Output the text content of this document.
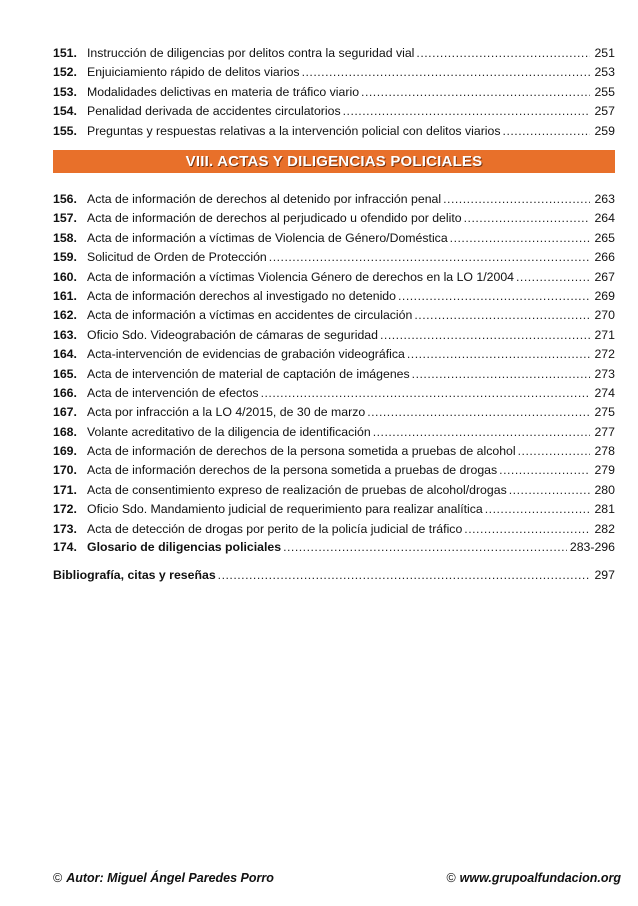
151. Instrucción de diligencias por delitos contra la seguridad vial .....	251
152. Enjuiciamiento rápido de delitos viarios .....	253
153. Modalidades delictivas en materia de tráfico viario .....	255
154. Penalidad derivada de accidentes circulatorios .....	257
155. Preguntas y respuestas relativas a la intervención policial con delitos viarios .....	259
VIII. ACTAS Y DILIGENCIAS POLICIALES
156. Acta de información de derechos al detenido por infracción penal .....	263
157. Acta de información de derechos al perjudicado u ofendido por delito .....	264
158. Acta de información a víctimas de Violencia de Género/Doméstica .....	265
159. Solicitud de Orden de Protección .....	266
160. Acta de información a víctimas Violencia Género de derechos en la LO 1/2004 .....	267
161. Acta de información derechos al investigado no detenido .....	269
162. Acta de información a víctimas en accidentes de circulación .....	270
163. Oficio Sdo. Videograbación de cámaras de seguridad .....	271
164. Acta-intervención de evidencias de grabación videográfica .....	272
165. Acta de intervención de material de captación de imágenes .....	273
166. Acta de intervención de efectos .....	274
167. Acta por infracción a la LO 4/2015, de 30 de marzo .....	275
168. Volante acreditativo de la diligencia de identificación .....	277
169. Acta de información de derechos de la persona sometida a pruebas de alcohol .....	278
170. Acta de información derechos de la persona sometida a pruebas de drogas .....	279
171. Acta de consentimiento expreso de realización de pruebas de alcohol/drogas .....	280
172. Oficio Sdo. Mandamiento judicial de requerimiento para realizar analítica .....	281
173. Acta de detección de drogas por perito de la policía judicial de tráfico .....	282
174. Glosario de diligencias policiales .....	283-296
Bibliografía, citas y reseñas .....	297
© Autor: Miguel Ángel Paredes Porro	© www.grupoalfundacion.org
